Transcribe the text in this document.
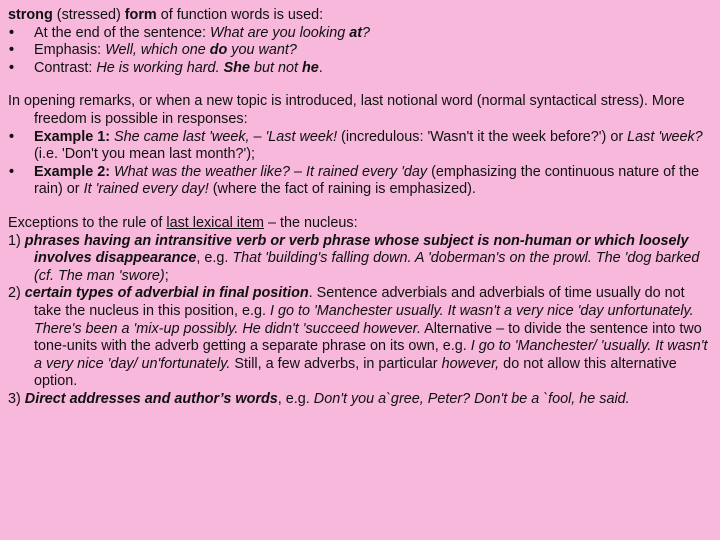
strong (stressed) form of function words is used:
• At the end of the sentence: What are you looking at?
• Emphasis: Well, which one do you want?
• Contrast: He is working hard. She but not he.
In opening remarks, or when a new topic is introduced, last notional word (normal syntactical stress). More freedom is possible in responses:
• Example 1: She came last 'week, – 'Last week! (incredulous: 'Wasn't it the week before?') or Last 'week? (i.e. 'Don't you mean last month?');
• Example 2: What was the weather like? – It rained every 'day (emphasizing the continuous nature of the rain) or It 'rained every day! (where the fact of raining is emphasized).
Exceptions to the rule of last lexical item – the nucleus:
1) phrases having an intransitive verb or verb phrase whose subject is non-human or which loosely involves disappearance, e.g. That 'building's falling down. A 'doberman's on the prowl. The 'dog barked (cf. The man 'swore);
2) certain types of adverbial in final position. Sentence adverbials and adverbials of time usually do not take the nucleus in this position, e.g. I go to 'Manchester usually. It wasn't a very nice 'day unfortunately. There's been a 'mix-up possibly. He didn't 'succeed however. Alternative – to divide the sentence into two tone-units with the adverb getting a separate phrase on its own, e.g. I go to 'Manchester/ 'usually. It wasn't a very nice 'day/ un'fortunately. Still, a few adverbs, in particular however, do not allow this alternative option.
3) Direct addresses and author’s words, e.g. Don't you a`gree, Peter? Don't be a `fool, he said.
